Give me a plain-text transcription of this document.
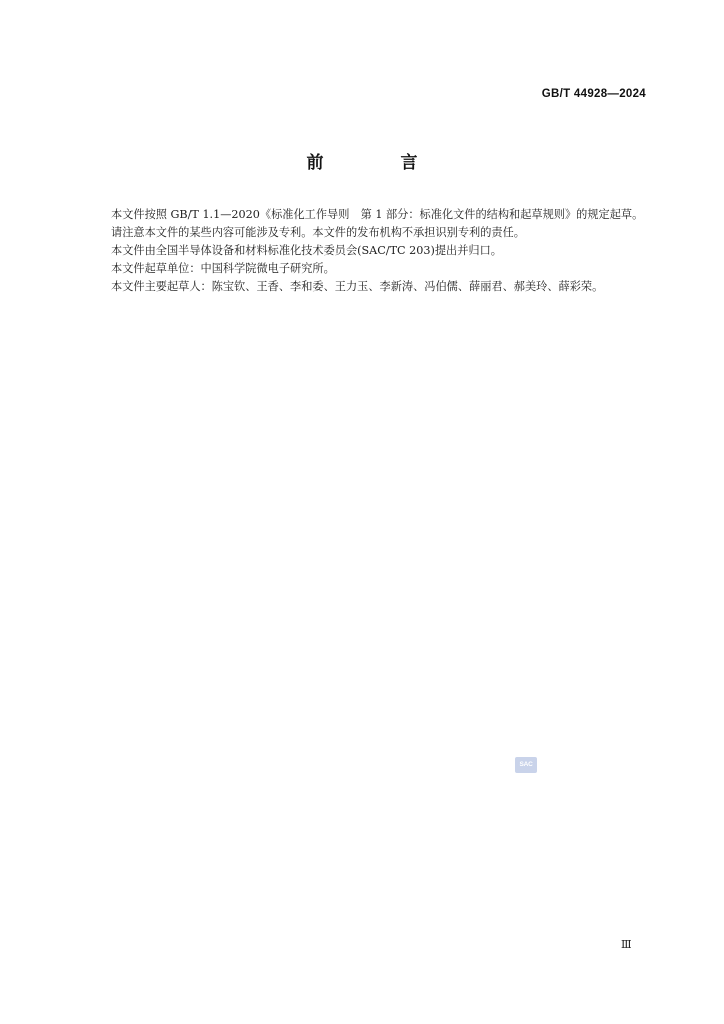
GB/T 44928—2024
前　言

本文件按照 GB/T 1.1—2020《标准化工作导则　第 1 部分：标准化文件的结构和起草规则》的规定起草。

请注意本文件的某些内容可能涉及专利。本文件的发布机构不承担识别专利的责任。

本文件由全国半导体设备和材料标准化技术委员会(SAC/TC 203)提出并归口。

本文件起草单位：中国科学院微电子研究所。

本文件主要起草人：陈宝钦、王香、李和委、王力玉、李新涛、冯伯儒、薛丽君、郝美玲、薛彩荣。

SAC
Ⅲ
